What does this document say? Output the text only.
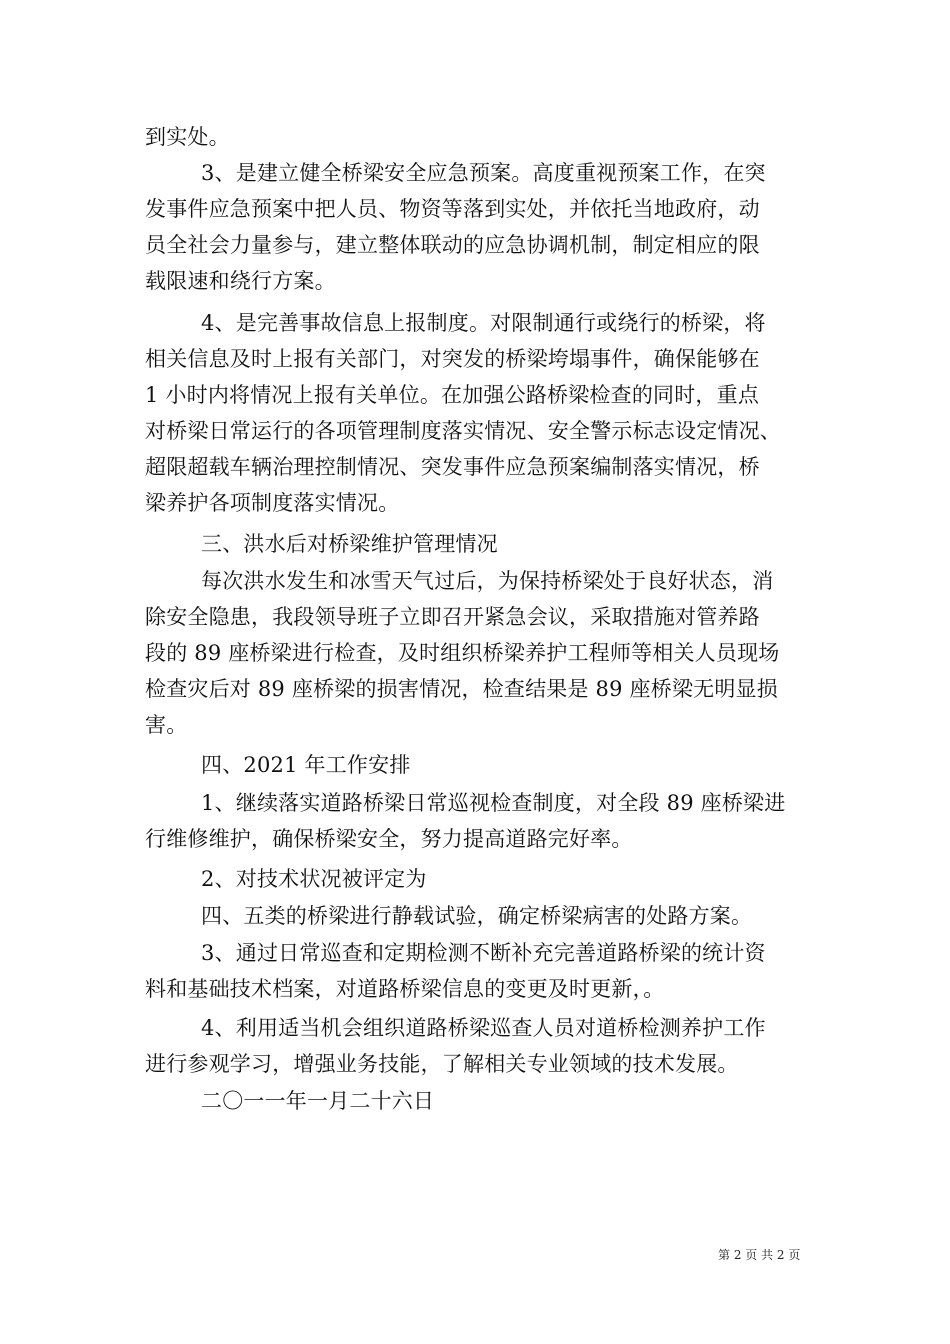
到实处。
3、是建立健全桥梁安全应急预案。高度重视预案工作，在突
发事件应急预案中把人员、物资等落到实处，并依托当地政府，动
员全社会力量参与，建立整体联动的应急协调机制，制定相应的限
载限速和绕行方案。
4、是完善事故信息上报制度。对限制通行或绕行的桥梁，将
相关信息及时上报有关部门，对突发的桥梁垮塌事件，确保能够在
1 小时内将情况上报有关单位。在加强公路桥梁检查的同时，重点
对桥梁日常运行的各项管理制度落实情况、安全警示标志设定情况、
超限超载车辆治理控制情况、突发事件应急预案编制落实情况，桥
梁养护各项制度落实情况。
三、洪水后对桥梁维护管理情况
每次洪水发生和冰雪天气过后，为保持桥梁处于良好状态，消
除安全隐患，我段领导班子立即召开紧急会议，采取措施对管养路
段的 89 座桥梁进行检查，及时组织桥梁养护工程师等相关人员现场
检查灾后对 89 座桥梁的损害情况，检查结果是 89 座桥梁无明显损
害。
四、2021 年工作安排
1、继续落实道路桥梁日常巡视检查制度，对全段 89 座桥梁进
行维修维护，确保桥梁安全，努力提高道路完好率。
2、对技术状况被评定为
四、五类的桥梁进行静载试验，确定桥梁病害的处路方案。
3、通过日常巡查和定期检测不断补充完善道路桥梁的统计资
料和基础技术档案，对道路桥梁信息的变更及时更新，。
4、利用适当机会组织道路桥梁巡查人员对道桥检测养护工作
进行参观学习，增强业务技能，了解相关专业领域的技术发展。
二〇一一年一月二十六日
第 2 页 共 2 页
